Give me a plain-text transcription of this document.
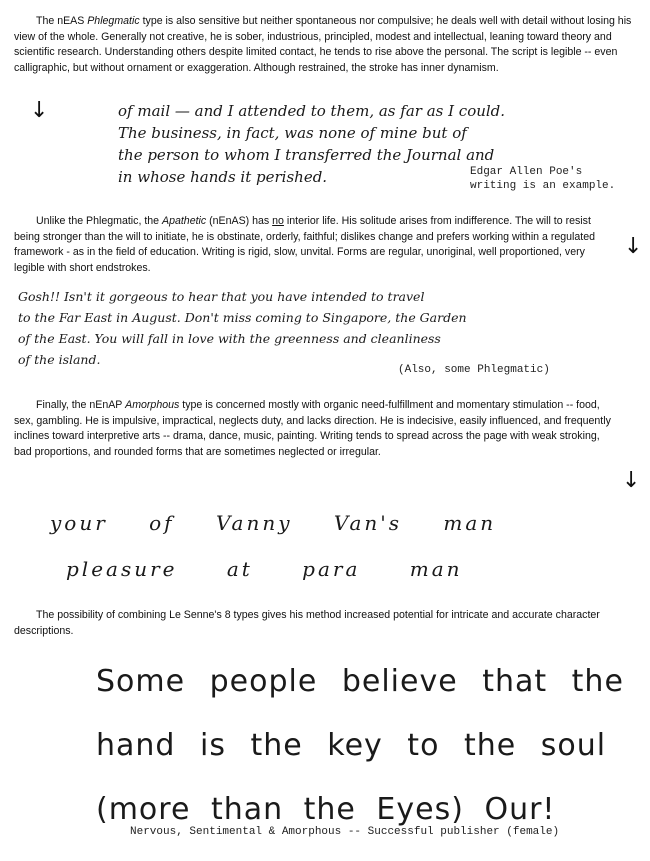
The nEAS Phlegmatic type is also sensitive but neither spontaneous nor compulsive; he deals well with detail without losing his view of the whole. Generally not creative, he is sober, industrious, principled, modest and intellectual, leaning toward theory and scientific research. Understanding others despite limited contact, he tends to rise above the personal. The script is legible -- even calligraphic, but without ornament or exaggeration. Although restrained, the stroke has inner dynamism.

↓	of mail — and I attended to them, as far as I could.
The business, in fact, was none of mine but of
the person to whom I transferred the Journal and
in whose hands it perished.	Edgar Allen Poe's
writing is an example.

Unlike the Phlegmatic, the Apathetic (nEnAS) has no interior life. His solitude arises from indifference. The will to resist being stronger than the will to initiate, he is obstinate, orderly, faithful; dislikes change and prefers working within a regulated framework - as in the field of education. Writing is rigid, slow, unvital. Forms are regular, unoriginal, well proportioned, very legible with short endstrokes.

↓
Gosh!! Isn't it gorgeous to hear that you have intended to travel
to the Far East in August. Don't miss coming to Singapore, the Garden
of the East. You will fall in love with the greenness and cleanliness
of the island.
(Also, some Phlegmatic)

Finally, the nEnAP Amorphous type is concerned mostly with organic need-fulfillment and momentary stimulation -- food, sex, gambling. He is impulsive, impractical, neglects duty, and lacks direction. He is indecisive, easily influenced, and frequently inclines toward interpretive arts -- drama, dance, music, painting. Writing tends to spread across the page with weak stroking, bad proportions, and rounded forms that are sometimes neglected or irregular.

↓
your of Vanny Van's man
pleasure at para man

The possibility of combining Le Senne's 8 types gives his method increased potential for intricate and accurate character descriptions.

Some people believe that the
hand is the key to the soul
(more than the Eyes) Our!
Nervous, Sentimental & Amorphous -- Successful publisher (female)
